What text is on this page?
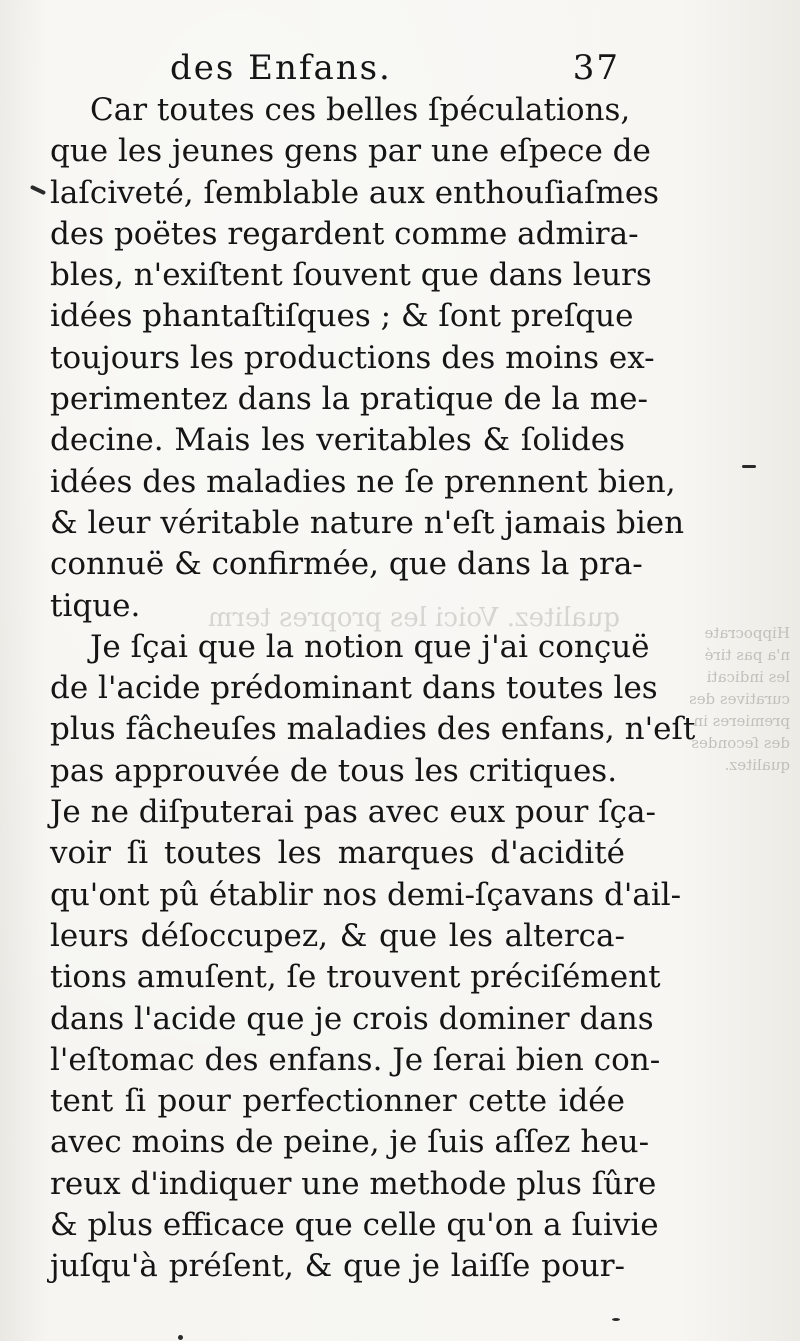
qualitez. Voici les propres term
des Enfans.	37
Car toutes ces belles ſpéculations,
que les jeunes gens par une eſpece de
laſciveté, ſemblable aux enthouſiaſmes
des poëtes regardent comme admira-
bles, n'exiſtent ſouvent que dans leurs
idées phantaſtiſques ; & ſont preſque
toujours les productions des moins ex-
perimentez dans la pratique de la me-
decine. Mais les veritables & ſolides
idées des maladies ne ſe prennent bien,
& leur véritable nature n'eſt jamais bien
connuë & confirmée, que dans la pra-
tique.
Je ſçai que la notion que j'ai conçuë
de l'acide prédominant dans toutes les
plus fâcheuſes maladies des enfans, n'eſt
pas approuvée de tous les critiques.
Je ne diſputerai pas avec eux pour ſça-
voir ſi toutes les marques d'acidité
qu'ont pû établir nos demi-ſçavans d'ail-
leurs déſoccupez, & que les alterca-
tions amuſent, ſe trouvent préciſément
dans l'acide que je crois dominer dans
l'eſtomac des enfans. Je ſerai bien con-
tent ſi pour perfectionner cette idée
avec moins de peine, je ſuis aſſez heu-
reux d'indiquer une methode plus ſûre
& plus efficace que celle qu'on a ſuivie
juſqu'à préſent, & que je laiſſe pour-
Hippocrate
n'a pas tiré
les indicati
curatives des
premieres in
des ſecondes
qualitez.
